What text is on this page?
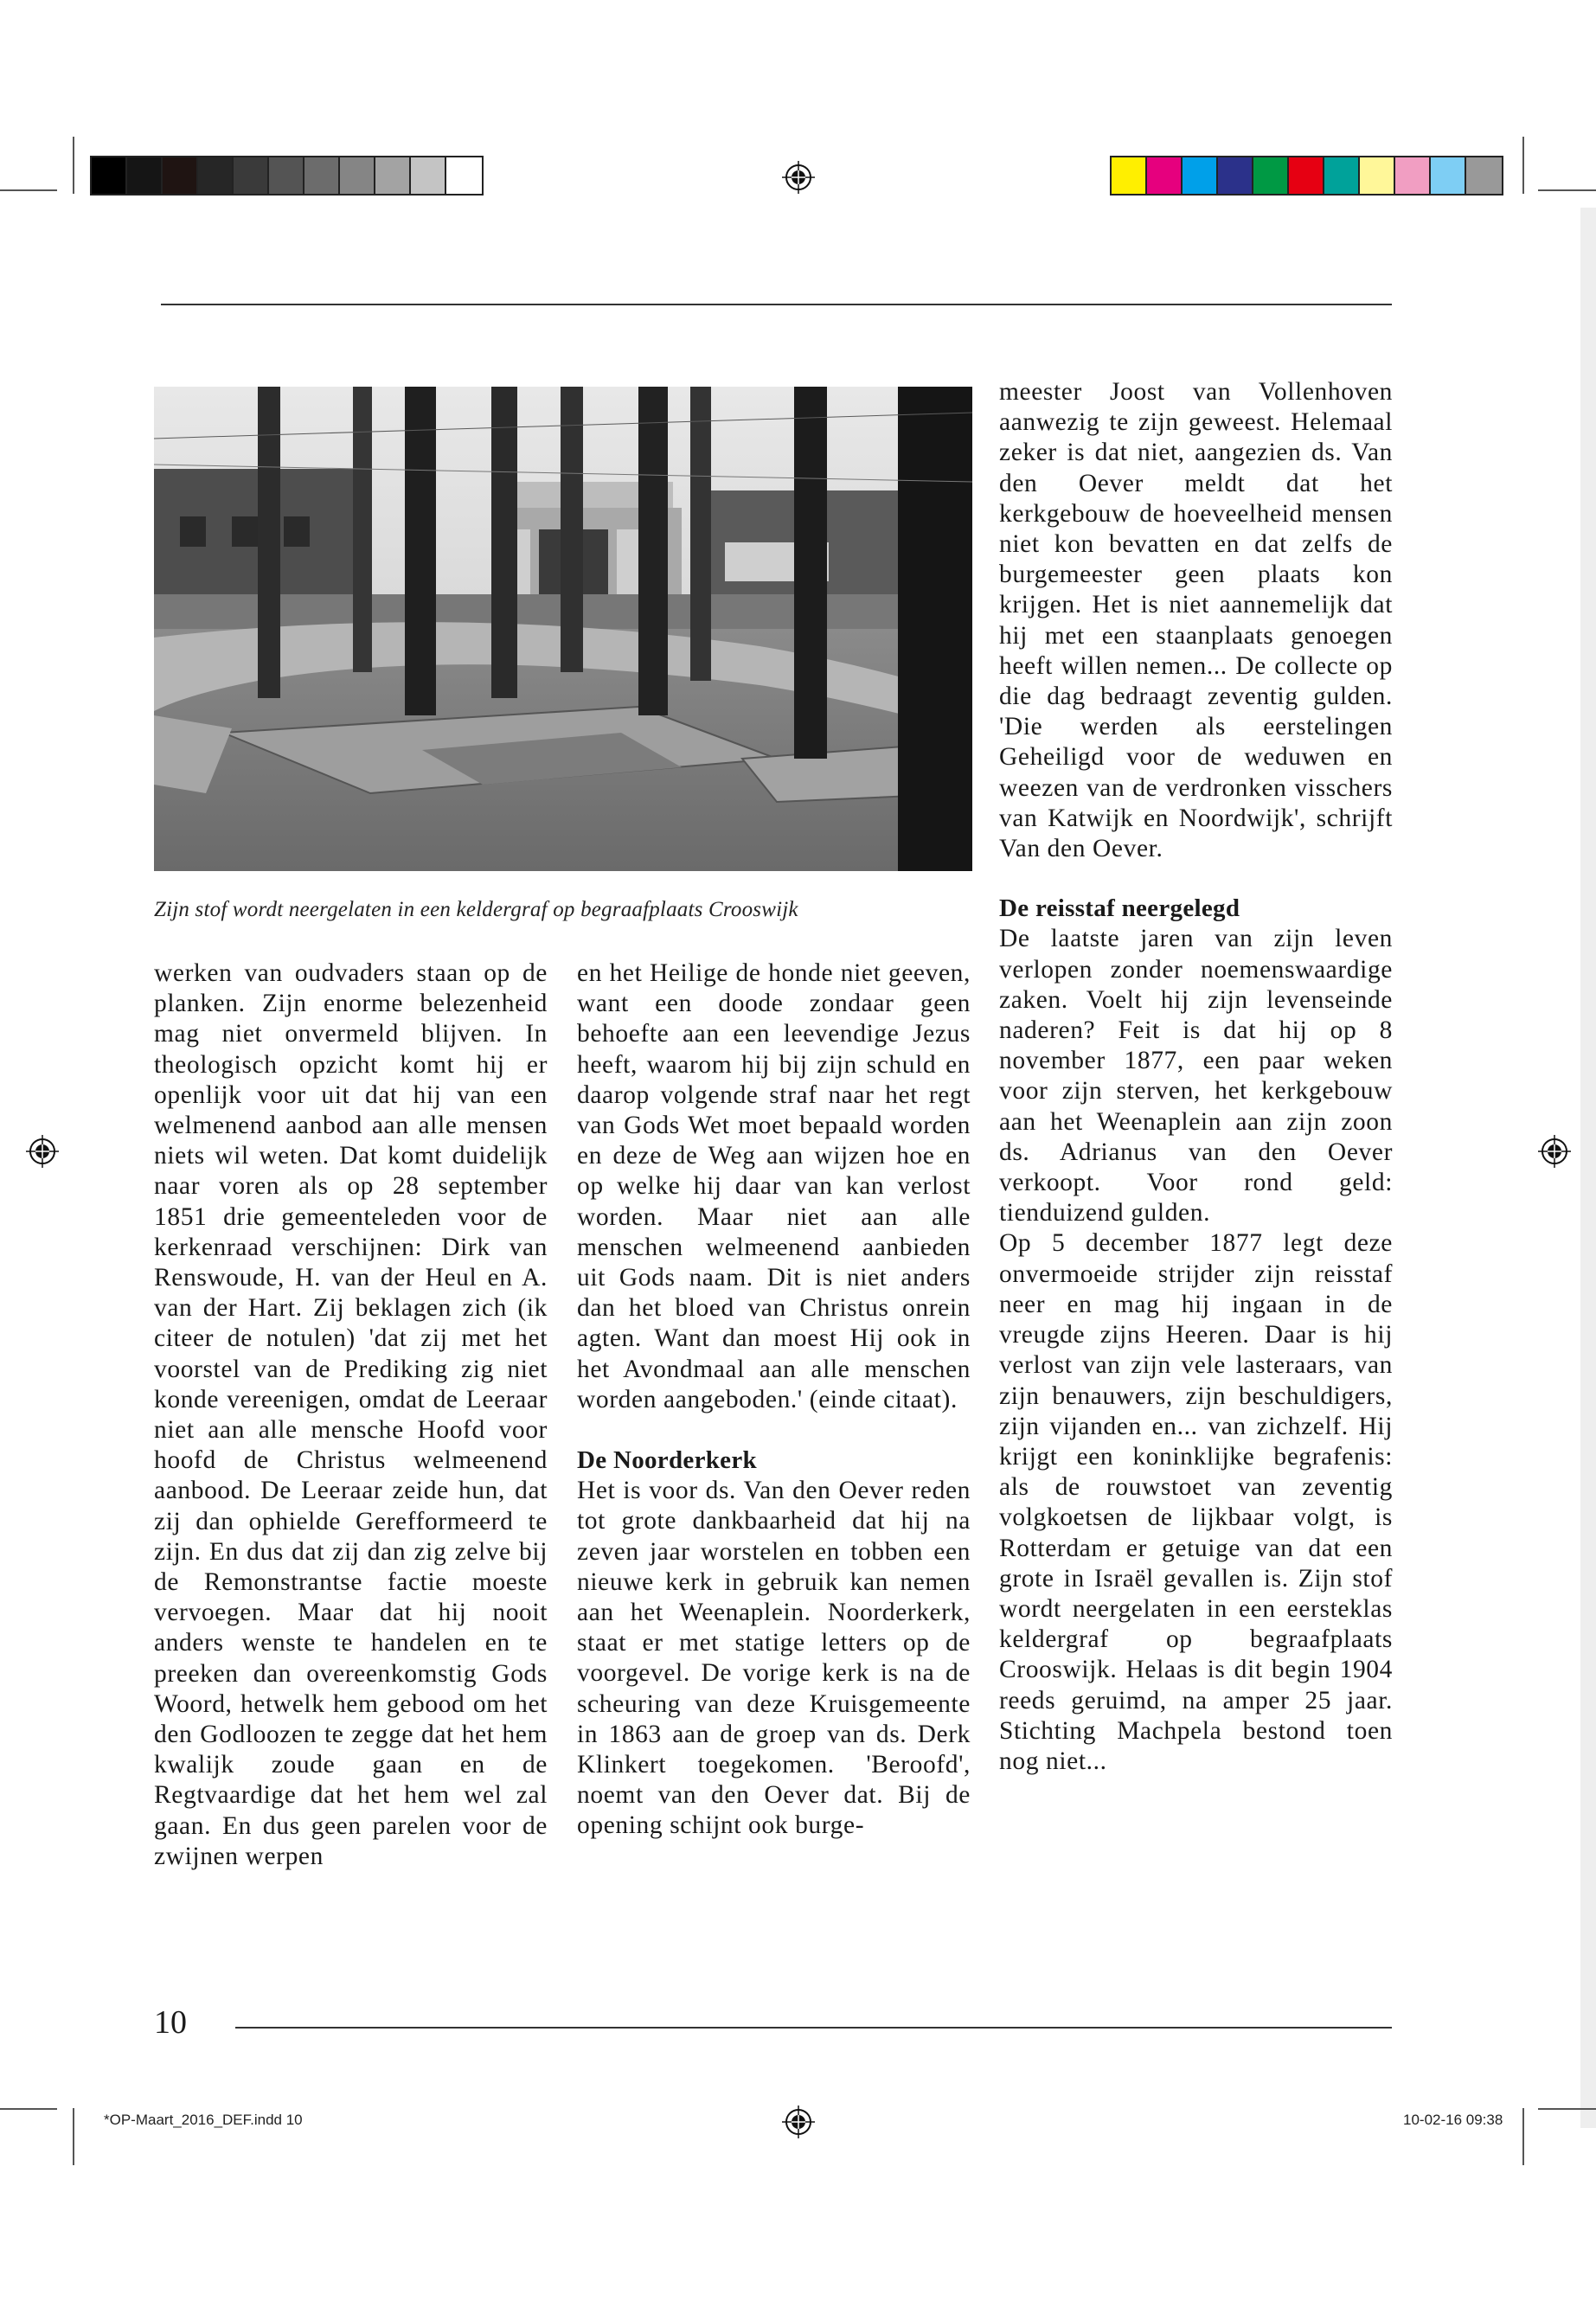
Zijn stof wordt neergelaten in een keldergraf op begraafplaats Crooswijk

werken van oudvaders staan op de planken. Zijn enorme belezenheid mag niet onvermeld blijven. In theologisch opzicht komt hij er openlijk voor uit dat hij van een welmenend aanbod aan alle mensen niets wil weten. Dat komt duidelijk naar voren als op 28 september 1851 drie gemeenteleden voor de kerkenraad verschijnen: Dirk van Renswoude, H. van der Heul en A. van der Hart. Zij beklagen zich (ik citeer de notulen) 'dat zij met het voorstel van de Prediking zig niet konde vereenigen, omdat de Leeraar niet aan alle mensche Hoofd voor hoofd de Christus welmeenend aanbood. De Leeraar zeide hun, dat zij dan ophielde Gerefformeerd te zijn. En dus dat zij dan zig zelve bij de Remonstrantse factie moeste vervoegen. Maar dat hij nooit anders wenste te handelen en te preeken dan overeenkomstig Gods Woord, hetwelk hem gebood om het den Godloozen te zegge dat het hem kwalijk zoude gaan en de Regtvaardige dat het hem wel zal gaan. En dus geen parelen voor de zwijnen werpen

en het Heilige de honde niet geeven, want een doode zondaar geen behoefte aan een leevendige Jezus heeft, waarom hij bij zijn schuld en daarop volgende straf naar het regt van Gods Wet moet bepaald worden en deze de Weg aan wijzen hoe en op welke hij daar van kan verlost worden. Maar niet aan alle menschen welmeenend aanbieden uit Gods naam. Dit is niet anders dan het bloed van Christus onrein agten. Want dan moest Hij ook in het Avondmaal aan alle menschen worden aangeboden.' (einde citaat).

De Noorderkerk

Het is voor ds. Van den Oever reden tot grote dankbaarheid dat hij na zeven jaar worstelen en tobben een nieuwe kerk in gebruik kan nemen aan het Weenaplein. Noorderkerk, staat er met statige letters op de voorgevel. De vorige kerk is na de scheuring van deze Kruisgemeente in 1863 aan de groep van ds. Derk Klinkert toegekomen. 'Beroofd', noemt van den Oever dat. Bij de opening schijnt ook burge-

meester Joost van Vollenhoven aanwezig te zijn geweest. Helemaal zeker is dat niet, aangezien ds. Van den Oever meldt dat het kerkgebouw de hoeveelheid mensen niet kon bevatten en dat zelfs de burgemeester geen plaats kon krijgen. Het is niet aannemelijk dat hij met een staanplaats genoegen heeft willen nemen... De collecte op die dag bedraagt zeventig gulden. 'Die werden als eerstelingen Geheiligd voor de weduwen en weezen van de verdronken visschers van Katwijk en Noordwijk', schrijft Van den Oever.

De reisstaf neergelegd

De laatste jaren van zijn leven verlopen zonder noemenswaardige zaken. Voelt hij zijn levenseinde naderen? Feit is dat hij op 8 november 1877, een paar weken voor zijn sterven, het kerkgebouw aan het Weenaplein aan zijn zoon ds. Adrianus van den Oever verkoopt. Voor rond geld: tienduizend gulden.

Op 5 december 1877 legt deze onvermoeide strijder zijn reisstaf neer en mag hij ingaan in de vreugde zijns Heeren. Daar is hij verlost van zijn vele lasteraars, van zijn benauwers, zijn beschuldigers, zijn vijanden en... van zichzelf. Hij krijgt een koninklijke begrafenis: als de rouwstoet van zeventig volgkoetsen de lijkbaar volgt, is Rotterdam er getuige van dat een grote in Israël gevallen is. Zijn stof wordt neergelaten in een eersteklas keldergraf op begraafplaats Crooswijk. Helaas is dit begin 1904 reeds geruimd, na amper 25 jaar. Stichting Machpela bestond toen nog niet...

10
*OP-Maart_2016_DEF.indd 10	10-02-16 09:38
